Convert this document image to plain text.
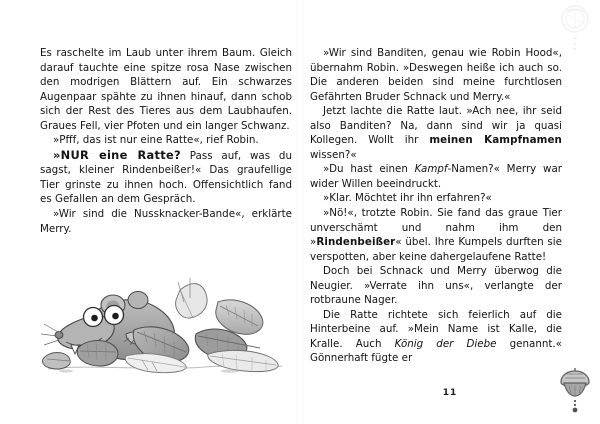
Es raschelte im Laub unter ihrem Baum. Gleich darauf tauchte eine spitze rosa Nase zwischen den modrigen Blättern auf. Ein schwarzes Augenpaar spähte zu ihnen hinauf, dann schob sich der Rest des Tieres aus dem Laubhaufen. Graues Fell, vier Pfoten und ein langer Schwanz.

»Pfff, das ist nur eine Ratte«, rief Robin.

»NUR eine Ratte? Pass auf, was du sagst, kleiner Rindenbeißer!« Das graufellige Tier grinste zu ihnen hoch. Offensichtlich fand es Gefallen an dem Gespräch.

»Wir sind die Nussknacker-Bande«, erklärte Merry.

»Wir sind Banditen, genau wie Robin Hood«, übernahm Robin. »Deswegen heiße ich auch so. Die anderen beiden sind meine furchtlosen Gefährten Bruder Schnack und Merry.«

Jetzt lachte die Ratte laut. »Ach nee, ihr seid also Banditen? Na, dann sind wir ja quasi Kollegen. Wollt ihr meinen Kampfnamen wissen?«

»Du hast einen Kampf-Namen?« Merry war wider Willen beeindruckt.

»Klar. Möchtet ihr ihn erfahren?«

»Nö!«, trotzte Robin. Sie fand das graue Tier unverschämt und nahm ihm den »Rindenbeißer« übel. Ihre Kumpels durften sie verspotten, aber keine dahergelaufene Ratte!

Doch bei Schnack und Merry überwog die Neugier. »Verrate ihn uns«, verlangte der rotbraune Nager.

Die Ratte richtete sich feierlich auf die Hinterbeine auf. »Mein Name ist Kalle, die Kralle. Auch König der Diebe genannt.« Gönnerhaft fügte er

11
